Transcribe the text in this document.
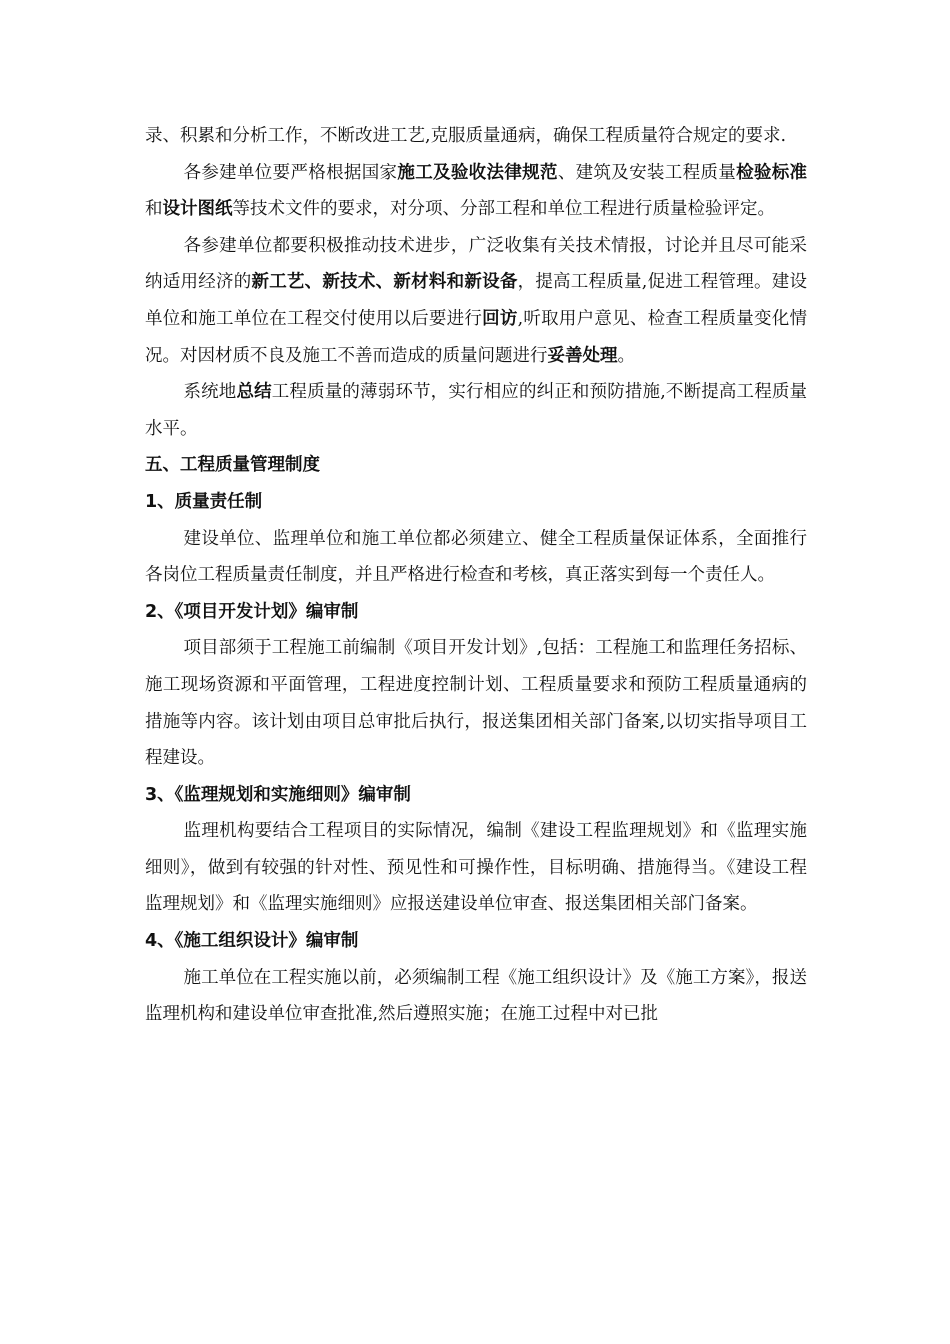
录、积累和分析工作，不断改进工艺,克服质量通病，确保工程质量符合规定的要求.

各参建单位要严格根据国家施工及验收法律规范、建筑及安装工程质量检验标准和设计图纸等技术文件的要求，对分项、分部工程和单位工程进行质量检验评定。

各参建单位都要积极推动技术进步，广泛收集有关技术情报，讨论并且尽可能采纳适用经济的新工艺、新技术、新材料和新设备，提高工程质量,促进工程管理。建设单位和施工单位在工程交付使用以后要进行回访,听取用户意见、检查工程质量变化情况。对因材质不良及施工不善而造成的质量问题进行妥善处理。

系统地总结工程质量的薄弱环节，实行相应的纠正和预防措施,不断提高工程质量水平。

五、工程质量管理制度

1、质量责任制

建设单位、监理单位和施工单位都必须建立、健全工程质量保证体系，全面推行各岗位工程质量责任制度，并且严格进行检查和考核，真正落实到每一个责任人。

2、《项目开发计划》编审制

项目部须于工程施工前编制《项目开发计划》,包括：工程施工和监理任务招标、施工现场资源和平面管理，工程进度控制计划、工程质量要求和预防工程质量通病的措施等内容。该计划由项目总审批后执行，报送集团相关部门备案,以切实指导项目工程建设。

3、《监理规划和实施细则》编审制

监理机构要结合工程项目的实际情况，编制《建设工程监理规划》和《监理实施细则》，做到有较强的针对性、预见性和可操作性，目标明确、措施得当。《建设工程监理规划》和《监理实施细则》应报送建设单位审查、报送集团相关部门备案。

4、《施工组织设计》编审制

施工单位在工程实施以前，必须编制工程《施工组织设计》及《施工方案》，报送监理机构和建设单位审查批准,然后遵照实施；在施工过程中对已批
